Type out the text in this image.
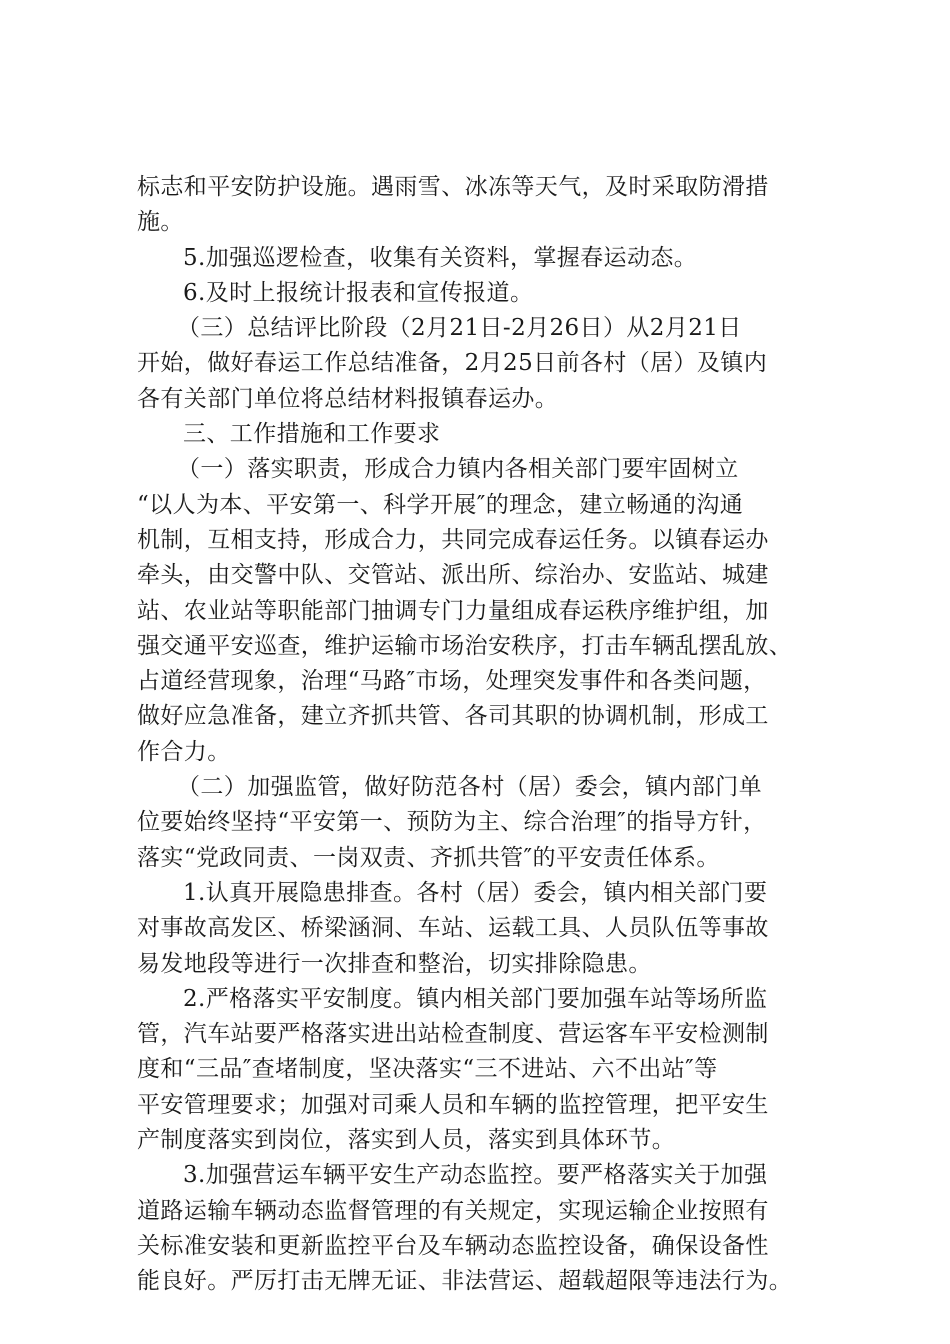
标志和平安防护设施。遇雨雪、冰冻等天气，及时采取防滑措
施。
5.加强巡逻检查，收集有关资料，掌握春运动态。
6.及时上报统计报表和宣传报道。
（三）总结评比阶段（2月21日-2月26日）从2月21日
开始，做好春运工作总结准备，2月25日前各村（居）及镇内
各有关部门单位将总结材料报镇春运办。
三、工作措施和工作要求
（一）落实职责，形成合力镇内各相关部门要牢固树立
“以人为本、平安第一、科学开展″的理念，建立畅通的沟通
机制，互相支持，形成合力，共同完成春运任务。以镇春运办
牵头，由交警中队、交管站、派出所、综治办、安监站、城建
站、农业站等职能部门抽调专门力量组成春运秩序维护组，加
强交通平安巡查，维护运输市场治安秩序，打击车辆乱摆乱放、
占道经营现象，治理“马路″市场，处理突发事件和各类问题，
做好应急准备，建立齐抓共管、各司其职的协调机制，形成工
作合力。
（二）加强监管，做好防范各村（居）委会，镇内部门单
位要始终坚持“平安第一、预防为主、综合治理″的指导方针，
落实“党政同责、一岗双责、齐抓共管″的平安责任体系。
1.认真开展隐患排查。各村（居）委会，镇内相关部门要
对事故高发区、桥梁涵洞、车站、运载工具、人员队伍等事故
易发地段等进行一次排查和整治，切实排除隐患。
2.严格落实平安制度。镇内相关部门要加强车站等场所监
管，汽车站要严格落实进出站检查制度、营运客车平安检测制
度和“三品″查堵制度，坚决落实“三不进站、六不出站″等
平安管理要求；加强对司乘人员和车辆的监控管理，把平安生
产制度落实到岗位，落实到人员，落实到具体环节。
3.加强营运车辆平安生产动态监控。要严格落实关于加强
道路运输车辆动态监督管理的有关规定，实现运输企业按照有
关标准安装和更新监控平台及车辆动态监控设备，确保设备性
能良好。严厉打击无牌无证、非法营运、超载超限等违法行为。
